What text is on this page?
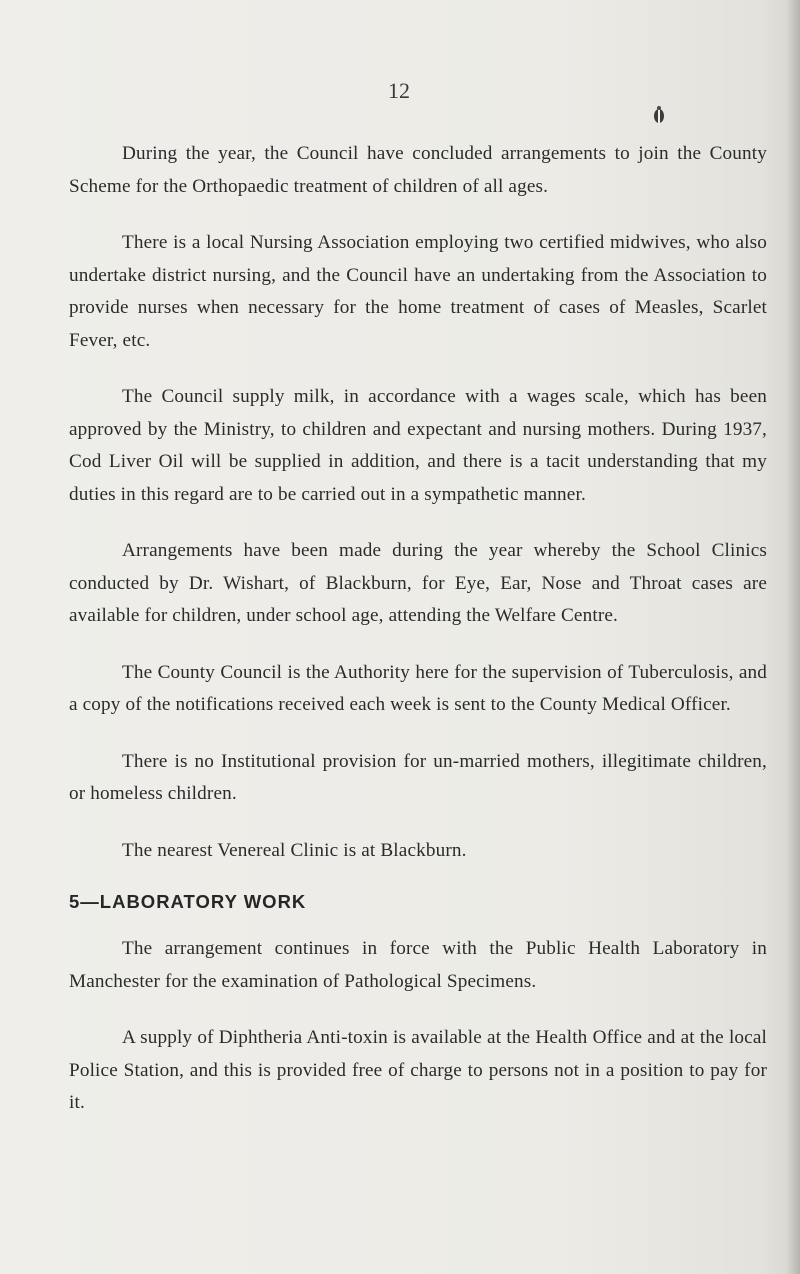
12

During the year, the Council have concluded arrangements to join the County Scheme for the Orthopaedic treatment of children of all ages.

There is a local Nursing Association employing two certified midwives, who also undertake district nursing, and the Council have an undertaking from the Association to provide nurses when necessary for the home treatment of cases of Measles, Scarlet Fever, etc.

The Council supply milk, in accordance with a wages scale, which has been approved by the Ministry, to children and expectant and nursing mothers. During 1937, Cod Liver Oil will be supplied in addition, and there is a tacit understanding that my duties in this regard are to be carried out in a sympathetic manner.

Arrangements have been made during the year whereby the School Clinics conducted by Dr. Wishart, of Blackburn, for Eye, Ear, Nose and Throat cases are available for children, under school age, attending the Welfare Centre.

The County Council is the Authority here for the supervision of Tuberculosis, and a copy of the notifications received each week is sent to the County Medical Officer.

There is no Institutional provision for un-married mothers, illegitimate children, or homeless children.

The nearest Venereal Clinic is at Blackburn.

5—LABORATORY WORK

The arrangement continues in force with the Public Health Laboratory in Manchester for the examination of Pathological Specimens.

A supply of Diphtheria Anti-toxin is available at the Health Office and at the local Police Station, and this is provided free of charge to persons not in a position to pay for it.
